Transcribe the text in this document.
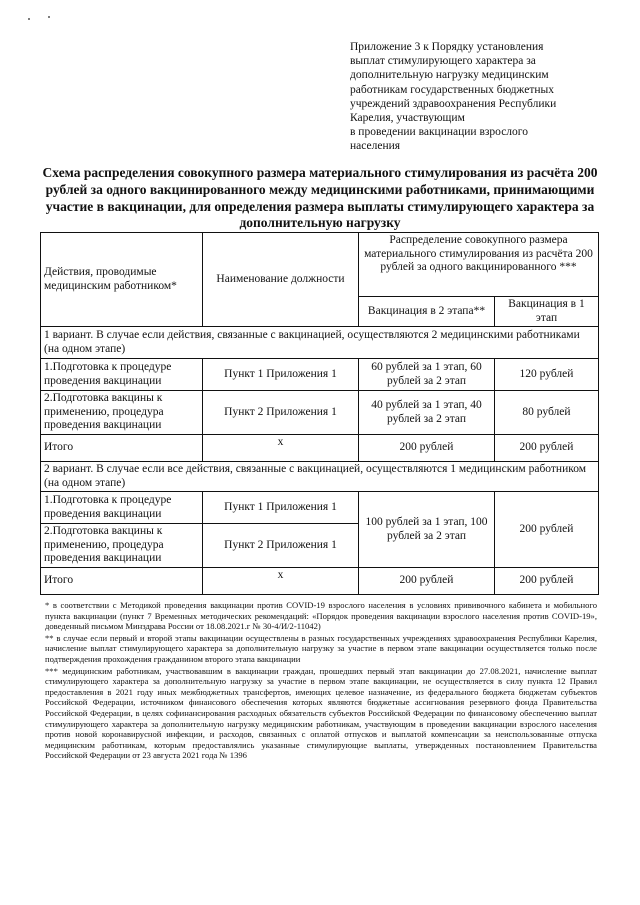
Приложение 3 к Порядку установления
выплат стимулирующего характера за
дополнительную нагрузку медицинским
работникам государственных бюджетных
учреждений здравоохранения Республики
Карелия, участвующим
в проведении вакцинации взрослого
населения
Схема распределения совокупного размера материального стимулирования из расчёта 200 рублей за одного вакцинированного между медицинскими работниками, принимающими участие в вакцинации, для определения размера выплаты стимулирующего характера за дополнительную нагрузку
Действия, проводимые медицинским работником*	Наименование должности	Распределение совокупного размера материального стимулирования из расчёта 200 рублей за одного вакцинированного ***	
		Вакцинация в 2 этапа**	Вакцинация в 1 этап
1 вариант. В случае если действия, связанные с вакцинацией, осуществляются 2 медицинскими работниками (на одном этапе)			
1.Подготовка к процедуре проведения вакцинации	Пункт 1 Приложения 1	60 рублей за 1 этап, 60 рублей за 2 этап	120 рублей
2.Подготовка вакцины к применению, процедура проведения вакцинации	Пункт 2 Приложения 1	40 рублей за 1 этап, 40 рублей за 2 этап	80 рублей
Итого	x	200 рублей	200 рублей
2 вариант. В случае если все действия, связанные с вакцинацией, осуществляются 1 медицинским работником (на одном этапе)			
1.Подготовка к процедуре проведения вакцинации	Пункт 1 Приложения 1	100 рублей за 1 этап, 100 рублей за 2 этап	200 рублей
2.Подготовка вакцины к применению, процедура проведения вакцинации	Пункт 2 Приложения 1		
Итого	x	200 рублей	200 рублей

* в соответствии с Методикой проведения вакцинации против COVID-19 взрослого населения в условиях прививочного кабинета и мобильного пункта вакцинации (пункт 7 Временных методических рекомендаций: «Порядок проведения вакцинации взрослого населения против COVID-19», доведенный письмом Минздрава России от 18.08.2021.г № 30-4/И/2-11042)

** в случае если первый и второй этапы вакцинации осуществлены в разных государственных учреждениях здравоохранения Республики Карелия, начисление выплат стимулирующего характера за дополнительную нагрузку за участие в первом этапе вакцинации осуществляется только после подтверждения прохождения гражданином второго этапа вакцинации

*** медицинским работникам, участвовавшим в вакцинации граждан, прошедших первый этап вакцинации до 27.08.2021, начисление выплат стимулирующего характера за дополнительную нагрузку за участие в первом этапе вакцинации, не осуществляется в силу пункта 12 Правил предоставления в 2021 году иных межбюджетных трансфертов, имеющих целевое назначение, из федерального бюджета бюджетам субъектов Российской Федерации, источником финансового обеспечения которых являются бюджетные ассигнования резервного фонда Правительства Российской Федерации, в целях софинансирования расходных обязательств субъектов Российской Федерации по финансовому обеспечению выплат стимулирующего характера за дополнительную нагрузку медицинским работникам, участвующим в проведении вакцинации взрослого населения против новой коронавирусной инфекции, и расходов, связанных с оплатой отпусков и выплатой компенсации за неиспользованные отпуска медицинским работникам, которым предоставлялись указанные стимулирующие выплаты, утвержденных постановлением Правительства Российской Федерации от 23 августа 2021 года № 1396
